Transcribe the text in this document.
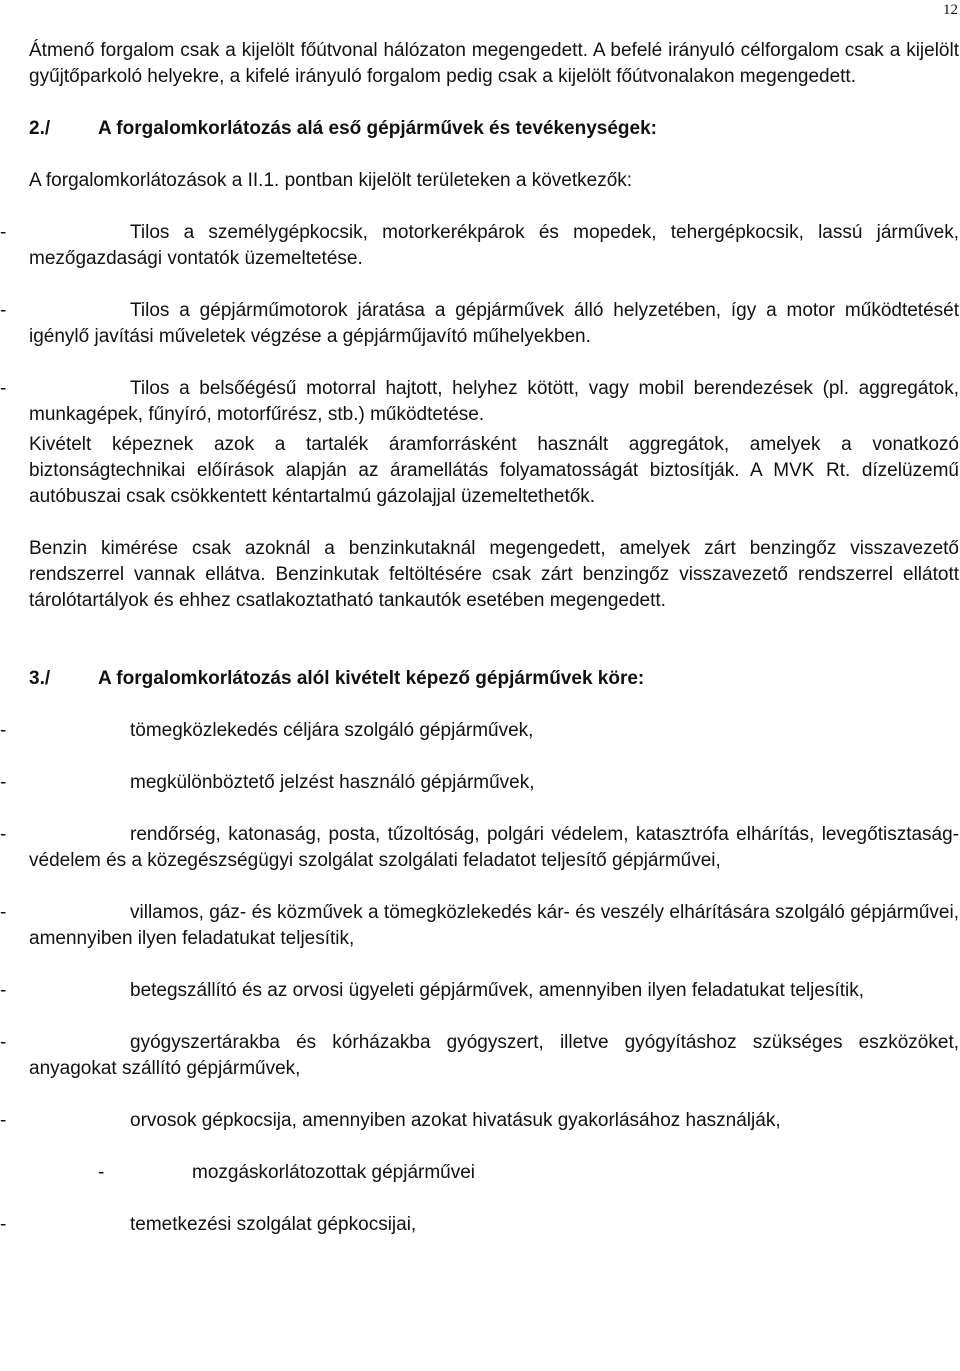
12

Átmenő forgalom csak a kijelölt főútvonal hálózaton megengedett. A befelé irányuló célforgalom csak a kijelölt gyűjtőparkoló helyekre, a kifelé irányuló forgalom pedig csak a kijelölt főútvonalakon megengedett.

2./	A forgalomkorlátozás alá eső gépjárművek és tevékenységek:

A forgalomkorlátozások a II.1. pontban kijelölt területeken a következők:

-	Tilos a személygépkocsik, motorkerékpárok és mopedek, tehergépkocsik, lassú járművek, mezőgazdasági vontatók üzemeltetése.
-	Tilos a gépjárműmotorok járatása a gépjárművek álló helyzetében, így a motor működtetését igénylő javítási műveletek végzése a gépjárműjavító műhelyekben.
-	Tilos a belsőégésű motorral hajtott, helyhez kötött, vagy mobil berendezések (pl. aggregátok, munkagépek, fűnyíró, motorfűrész, stb.) működtetése.

Kivételt képeznek azok a tartalék áramforrásként használt aggregátok, amelyek a vonatkozó biztonságtechnikai előírások alapján az áramellátás folyamatosságát biztosítják. A MVK Rt. dízelüzemű autóbuszai csak csökkentett kéntartalmú gázolajjal üzemeltethetők.

Benzin kimérése csak azoknál a benzinkutaknál megengedett, amelyek zárt benzingőz visszavezető rendszerrel vannak ellátva. Benzinkutak feltöltésére csak zárt benzingőz visszavezető rendszerrel ellátott tárolótartályok és ehhez csatlakoztatható tankautók esetében megengedett.

3./	A forgalomkorlátozás alól kivételt képező gépjárművek köre:
-	tömegközlekedés céljára szolgáló gépjárművek,
-	megkülönböztető jelzést használó gépjárművek,
-	rendőrség, katonaság, posta, tűzoltóság, polgári védelem, katasztrófa elhárítás, levegőtisztaság-védelem és a közegészségügyi szolgálat szolgálati feladatot teljesítő gépjárművei,
-	villamos, gáz- és közművek a tömegközlekedés kár- és veszély elhárítására szolgáló gépjárművei, amennyiben ilyen feladatukat teljesítik,
-	betegszállító és az orvosi ügyeleti gépjárművek, amennyiben ilyen feladatukat teljesítik,
-	gyógyszertárakba és kórházakba gyógyszert, illetve gyógyításhoz szükséges eszközöket, anyagokat szállító gépjárművek,
-	orvosok gépkocsija, amennyiben azokat hivatásuk gyakorlásához használják,
-	mozgáskorlátozottak gépjárművei
-	temetkezési szolgálat gépkocsijai,
